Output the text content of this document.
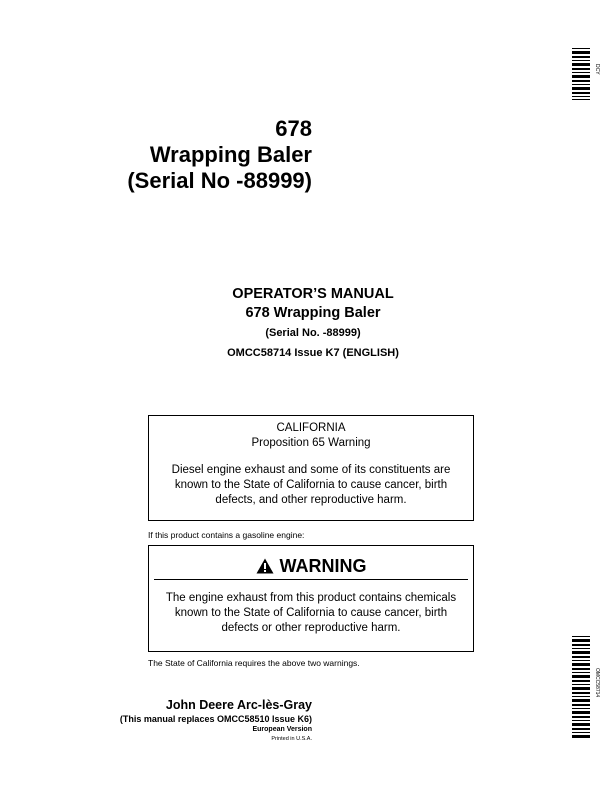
678
Wrapping Baler
(Serial No -88999)
OPERATOR’S MANUAL
678 Wrapping Baler
(Serial No. -88999)
OMCC58714 Issue K7 (ENGLISH)
CALIFORNIA
Proposition 65 Warning
Diesel engine exhaust and some of its constituents are
known to the State of California to cause cancer, birth
defects, and other reproductive harm.
If this product contains a gasoline engine:
WARNING
The engine exhaust from this product contains chemicals
known to the State of California to cause cancer, birth
defects or other reproductive harm.
The State of California requires the above two warnings.
John Deere Arc-lès-Gray
(This manual replaces OMCC58510 Issue K6)
European Version
Printed in U.S.A.
DCY
OMCC58714
